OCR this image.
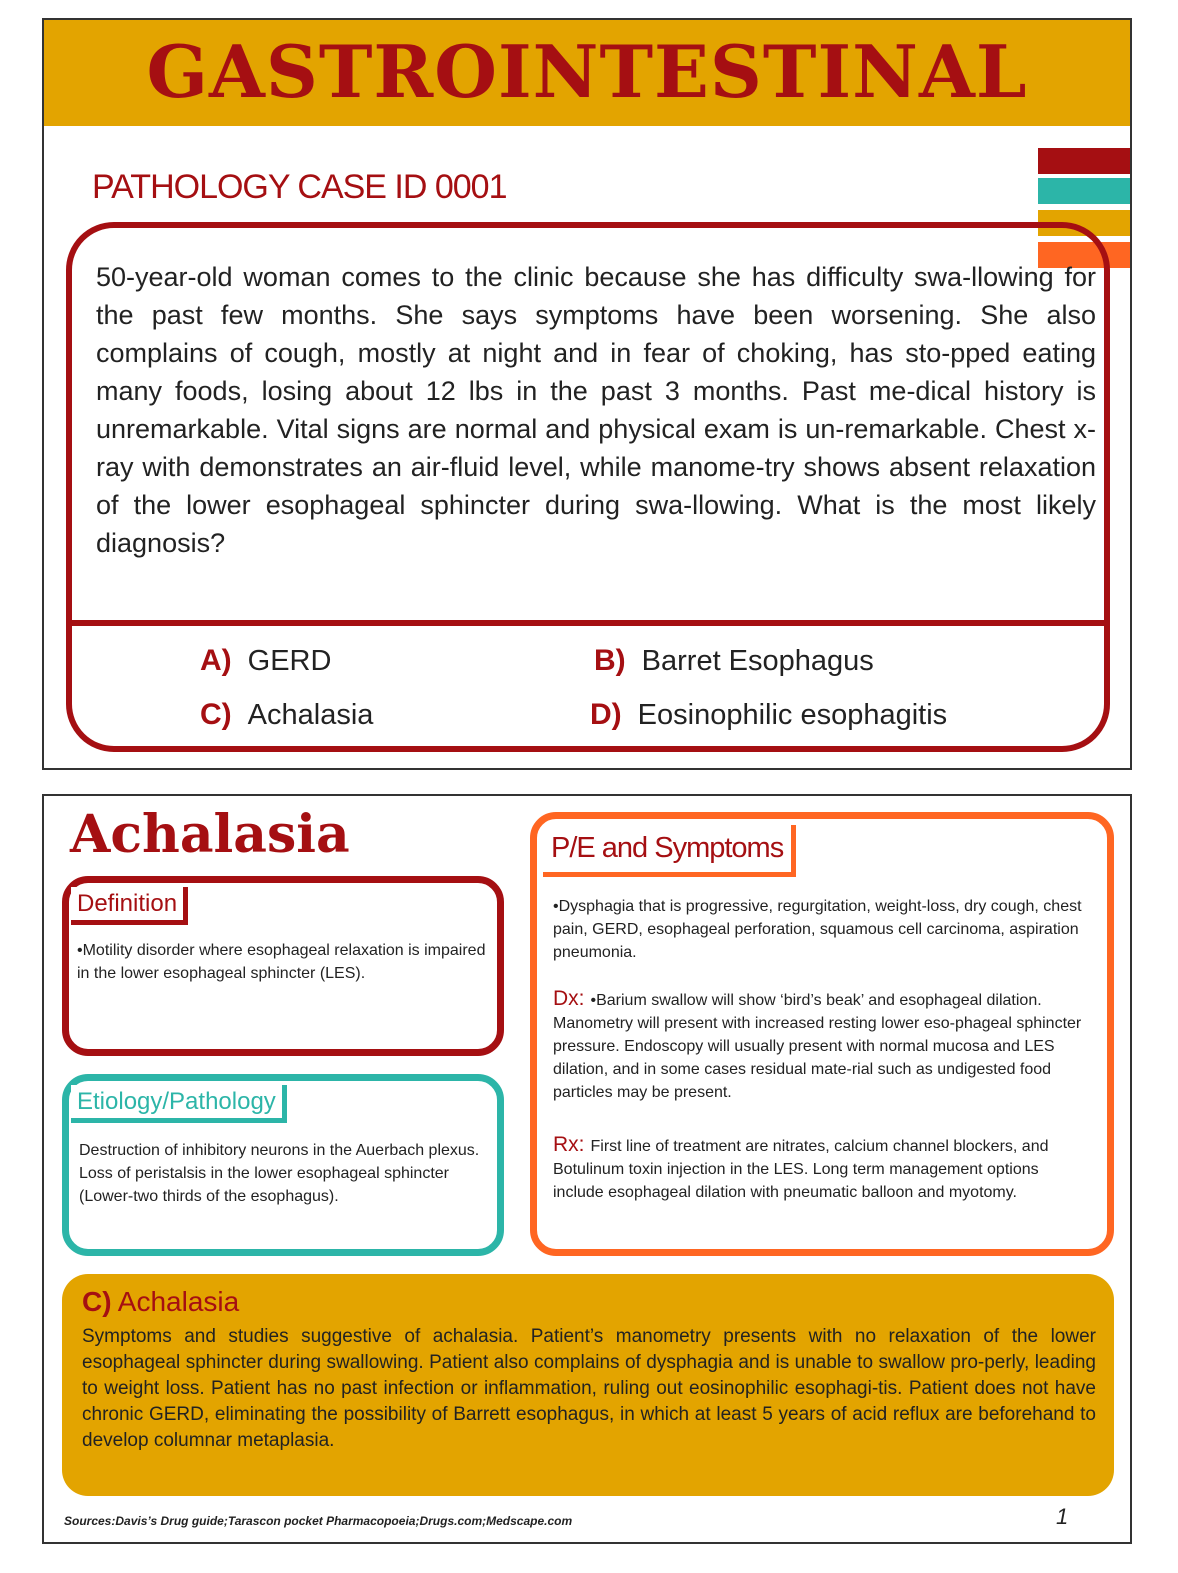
GASTROINTESTINAL
PATHOLOGY CASE ID 0001
50-year-old woman comes to the clinic because she has difficulty swa-llowing for the past few months. She says symptoms have been worsening. She also complains of cough, mostly at night and in fear of choking, has sto-pped eating many foods, losing about 12 lbs in the past 3 months. Past me-dical history is unremarkable. Vital signs are normal and physical exam is un-remarkable. Chest x-ray with demonstrates an air-fluid level, while manome-try shows absent relaxation of the lower esophageal sphincter during swa-llowing. What is the most likely diagnosis?
A) GERD	B) Barret Esophagus
C) Achalasia	D) Eosinophilic esophagitis
Achalasia
Definition
•Motility disorder where esophageal relaxation is impaired in the lower esophageal sphincter (LES).
Etiology/Pathology
Destruction of inhibitory neurons in the Auerbach plexus. Loss of peristalsis in the lower esophageal sphincter (Lower-two thirds of the esophagus).
P/E and Symptoms
•Dysphagia that is progressive, regurgitation, weight-loss, dry cough, chest pain, GERD, esophageal perforation, squamous cell carcinoma, aspiration pneumonia.
Dx: •Barium swallow will show ‘bird’s beak’ and esophageal dilation. Manometry will present with increased resting lower eso-phageal sphincter pressure. Endoscopy will usually present with normal mucosa and LES dilation, and in some cases residual mate-rial such as undigested food particles may be present.
Rx: First line of treatment are nitrates, calcium channel blockers, and Botulinum toxin injection in the LES. Long term management options include esophageal dilation with pneumatic balloon and myotomy.
C) Achalasia
Symptoms and studies suggestive of achalasia. Patient’s manometry presents with no relaxation of the lower esophageal sphincter during swallowing. Patient also complains of dysphagia and is unable to swallow pro-perly, leading to weight loss. Patient has no past infection or inflammation, ruling out eosinophilic esophagi-tis. Patient does not have chronic GERD, eliminating the possibility of Barrett esophagus, in which at least 5 years of acid reflux are beforehand to develop columnar metaplasia.
Sources:Davis’s Drug guide;Tarascon pocket Pharmacopoeia;Drugs.com;Medscape.com	1
